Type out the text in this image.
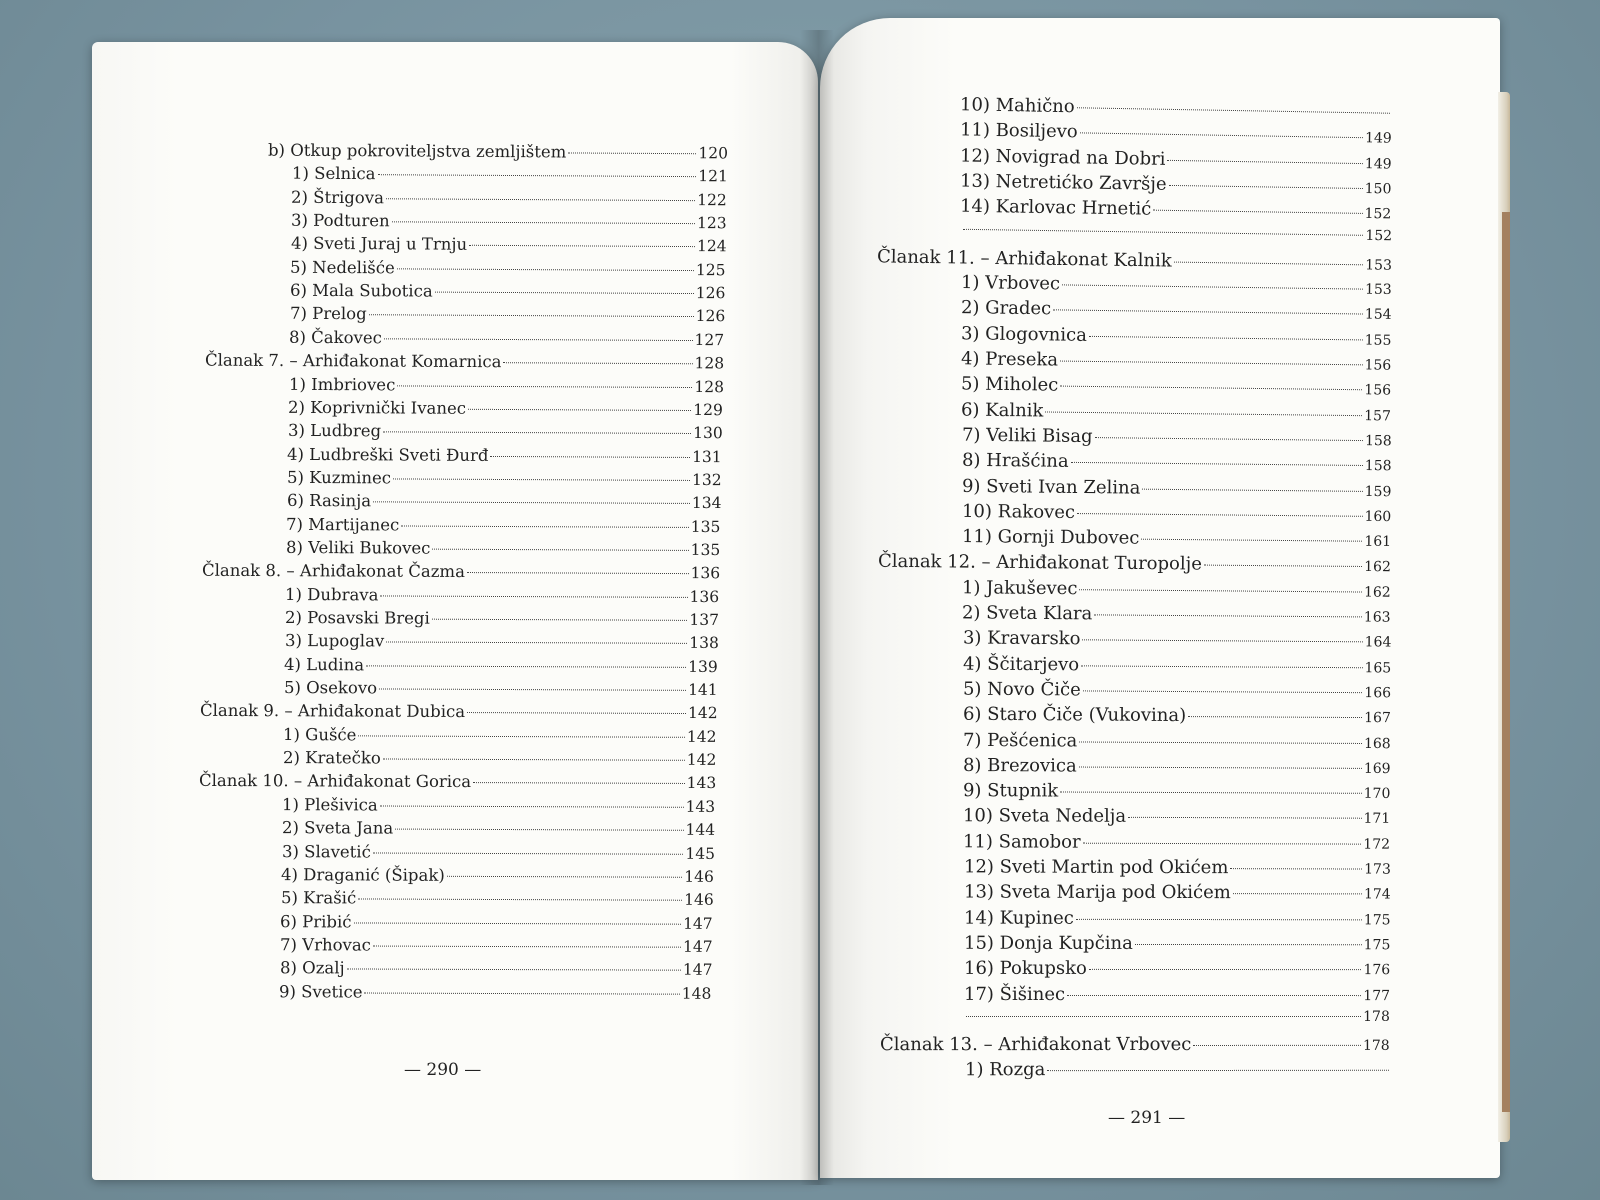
b) Otkup pokroviteljstva zemljištem	120
1) Selnica	121
2) Štrigova	122
3) Podturen	123
4) Sveti Juraj u Trnju	124
5) Nedelišće	125
6) Mala Subotica	126
7) Prelog	126
8) Čakovec	127
Članak 7. – Arhiđakonat Komarnica	128
1) Imbriovec	128
2) Koprivnički Ivanec	129
3) Ludbreg	130
4) Ludbreški Sveti Đurđ	131
5) Kuzminec	132
6) Rasinja	134
7) Martijanec	135
8) Veliki Bukovec	135
Članak 8. – Arhiđakonat Čazma	136
1) Dubrava	136
2) Posavski Bregi	137
3) Lupoglav	138
4) Ludina	139
5) Osekovo	141
Članak 9. – Arhiđakonat Dubica	142
1) Gušće	142
2) Kratečko	142
Članak 10. – Arhiđakonat Gorica	143
1) Plešivica	143
2) Sveta Jana	144
3) Slavetić	145
4) Draganić (Šipak)	146
5) Krašić	146
6) Pribić	147
7) Vrhovac	147
8) Ozalj	147
9) Svetice	148
— 290 —
10) Mahično
11) Bosiljevo	149
12) Novigrad na Dobri	149
13) Netretićko Završje	150
14) Karlovac Hrnetić	152
152
Članak 11. – Arhiđakonat Kalnik	153
1) Vrbovec	153
2) Gradec	154
3) Glogovnica	155
4) Preseka	156
5) Miholec	156
6) Kalnik	157
7) Veliki Bisag	158
8) Hrašćina	158
9) Sveti Ivan Zelina	159
10) Rakovec	160
11) Gornji Dubovec	161
Članak 12. – Arhiđakonat Turopolje	162
1) Jakuševec	162
2) Sveta Klara	163
3) Kravarsko	164
4) Ščitarjevo	165
5) Novo Čiče	166
6) Staro Čiče (Vukovina)	167
7) Pešćenica	168
8) Brezovica	169
9) Stupnik	170
10) Sveta Nedelja	171
11) Samobor	172
12) Sveti Martin pod Okićem	173
13) Sveta Marija pod Okićem	174
14) Kupinec	175
15) Donja Kupčina	175
16) Pokupsko	176
17) Šišinec	177
178
Članak 13. – Arhiđakonat Vrbovec	178
1) Rozga
— 291 —
